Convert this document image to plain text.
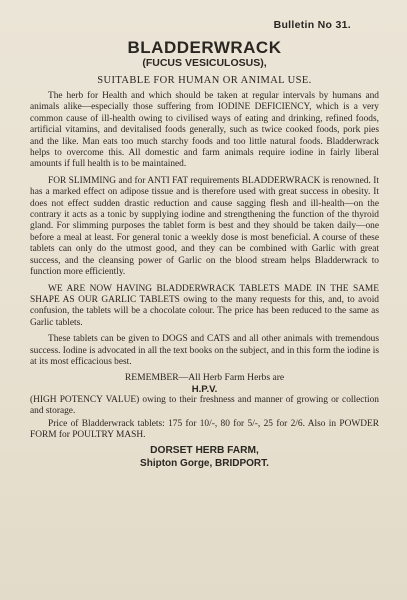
Bulletin No 31.
BLADDERWRACK
(FUCUS VESICULOSUS),
SUITABLE FOR HUMAN OR ANIMAL USE.

The herb for Health and which should be taken at regular intervals by humans and animals alike—especially those suffering from IODINE DEFICIENCY, which is a very common cause of ill-health owing to civilised ways of eating and drinking, refined foods, artificial vitamins, and devitalised foods generally, such as twice cooked foods, pork pies and the like. Man eats too much starchy foods and too little natural foods. Bladderwrack helps to overcome this. All domestic and farm animals require iodine in fairly liberal amounts if full health is to be maintained.

FOR SLIMMING and for ANTI FAT requirements BLADDERWRACK is renowned. It has a marked effect on adipose tissue and is therefore used with great success in obesity. It does not effect sudden drastic reduction and cause sagging flesh and ill-health—on the contrary it acts as a tonic by supplying iodine and strengthening the function of the thyroid gland. For slimming purposes the tablet form is best and they should be taken daily—one before a meal at least. For general tonic a weekly dose is most beneficial. A course of these tablets can only do the utmost good, and they can be combined with Garlic with great success, and the cleansing power of Garlic on the blood stream helps Bladderwrack to function more efficiently.

WE ARE NOW HAVING BLADDERWRACK TABLETS MADE IN THE SAME SHAPE AS OUR GARLIC TABLETS owing to the many requests for this, and, to avoid confusion, the tablets will be a chocolate colour. The price has been reduced to the same as Garlic tablets.

These tablets can be given to DOGS and CATS and all other animals with tremendous success. Iodine is advocated in all the text books on the subject, and in this form the iodine is at its most efficacious best.

REMEMBER—All Herb Farm Herbs are
H.P.V.

(HIGH POTENCY VALUE) owing to their freshness and manner of growing or collection and storage.

Price of Bladderwrack tablets: 175 for 10/-, 80 for 5/-, 25 for 2/6. Also in POWDER FORM for POULTRY MASH.

DORSET HERB FARM,
Shipton Gorge, BRIDPORT.
